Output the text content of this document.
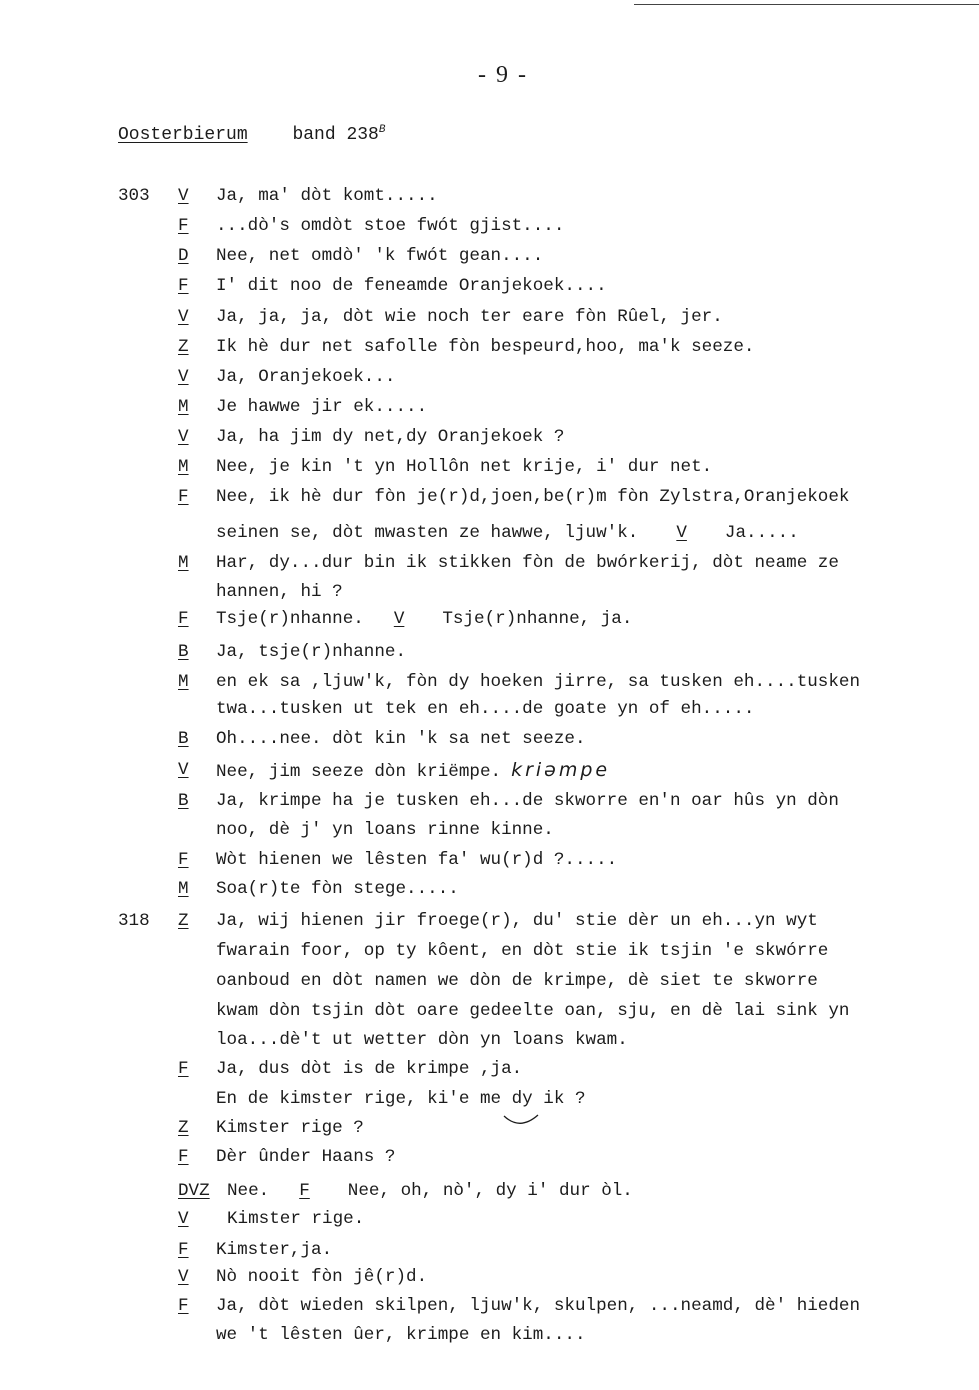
- 9 -
Oosterbierum band $238^B$
303 V Ja, ma' dòt komt.....
F ...dò's omdòt stoe fwót gjist....
D Nee, net omdò' 'k fwót gean....
F I' dit noo de feneamde Oranjekoek....
V Ja, ja, ja, dòt wie noch ter eare fòn Rûel, jer.
Z Ik hè dur net safolle fòn bespeurd,hoo, ma'k seeze.
V Ja, Oranjekoek...
M Je hawwe jir ek.....
V Ja, ha jim dy net,dy Oranjekoek ?
M Nee, je kin 't yn Hollôn net krije, i' dur net.
F Nee, ik hè dur fòn je(r)d,joen,be(r)m fòn Zylstra,Oranjekoek
seinen se, dòt mwasten ze hawwe, ljuw'k. V Ja.....
M Har, dy...dur bin ik stikken fòn de bwórkerij, dòt neame ze
hannen, hi ?
F Tsje(r)nhanne. V Tsje(r)nhanne, ja.
B Ja, tsje(r)nhanne.
M en ek sa ,ljuw'k, fòn dy hoeken jirre, sa tusken eh....tusken
twa...tusken ut tek en eh....de goate yn of eh.....
B Oh....nee. dòt kin 'k sa net seeze.
V Nee, jim seeze dòn kriëmpe. kriəmpe
B Ja, krimpe ha je tusken eh...de skworre en'n oar hûs yn dòn
noo, dè j' yn loans rinne kinne.
F Wòt hienen we lêsten fa' wu(r)d ?.....
M Soa(r)te fòn stege.....
318 Z Ja, wij hienen jir froege(r), du' stie dèr un eh...yn wyt
fwarain foor, op ty kôent, en dòt stie ik tsjin 'e skwórre
oanboud en dòt namen we dòn de krimpe, dè siet te skworre
kwam dòn tsjin dòt oare gedeelte oan, sju, en dè lai sink yn
loa...dè't ut wetter dòn yn loans kwam.
F Ja, dus dòt is de krimpe ,ja.
En de kimster rige, ki'e me dy ik ?
Z Kimster rige ?
F Dèr ûnder Haans ?
DVZ Nee. F Nee, oh, nò', dy i' dur òl.
V Kimster rige.
F Kimster,ja.
V Nò nooit fòn jê(r)d.
F Ja, dòt wieden skilpen, ljuw'k, skulpen, ...neamd, dè' hieden
we 't lêsten ûer, krimpe en kim....
